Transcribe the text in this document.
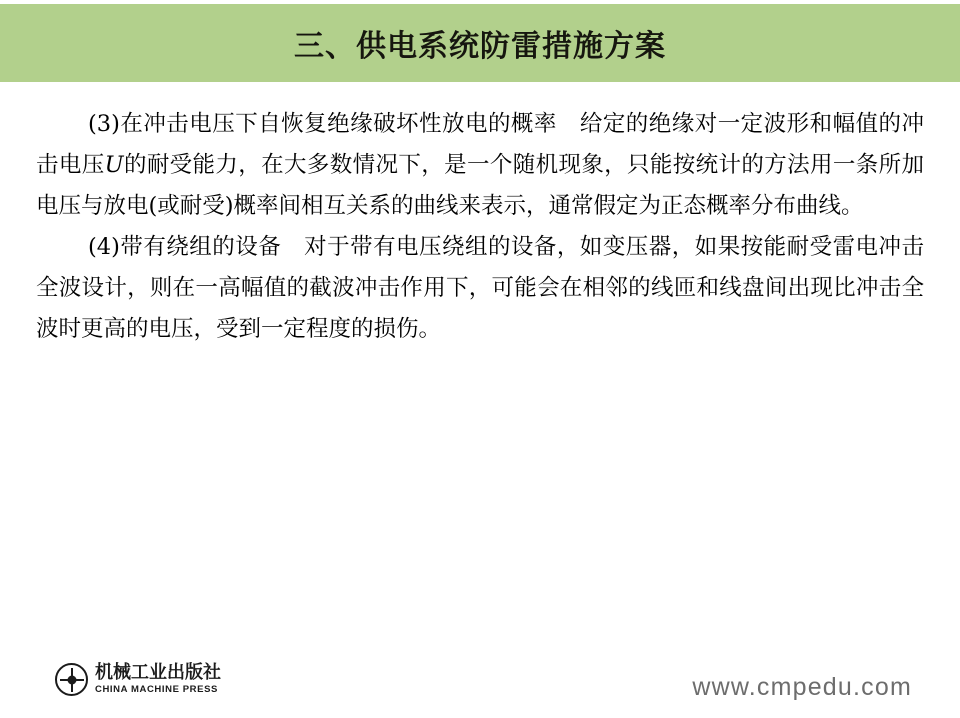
三、供电系统防雷措施方案

(3)在冲击电压下自恢复绝缘破坏性放电的概率　给定的绝缘对一定波形和幅值的冲击电压U的耐受能力，在大多数情况下，是一个随机现象，只能按统计的方法用一条所加电压与放电(或耐受)概率间相互关系的曲线来表示，通常假定为正态概率分布曲线。

(4)带有绕组的设备　对于带有电压绕组的设备，如变压器，如果按能耐受雷电冲击全波设计，则在一高幅值的截波冲击作用下，可能会在相邻的线匝和线盘间出现比冲击全波时更高的电压，受到一定程度的损伤。

机械工业出版社
CHINA MACHINE PRESS	www.cmpedu.com
